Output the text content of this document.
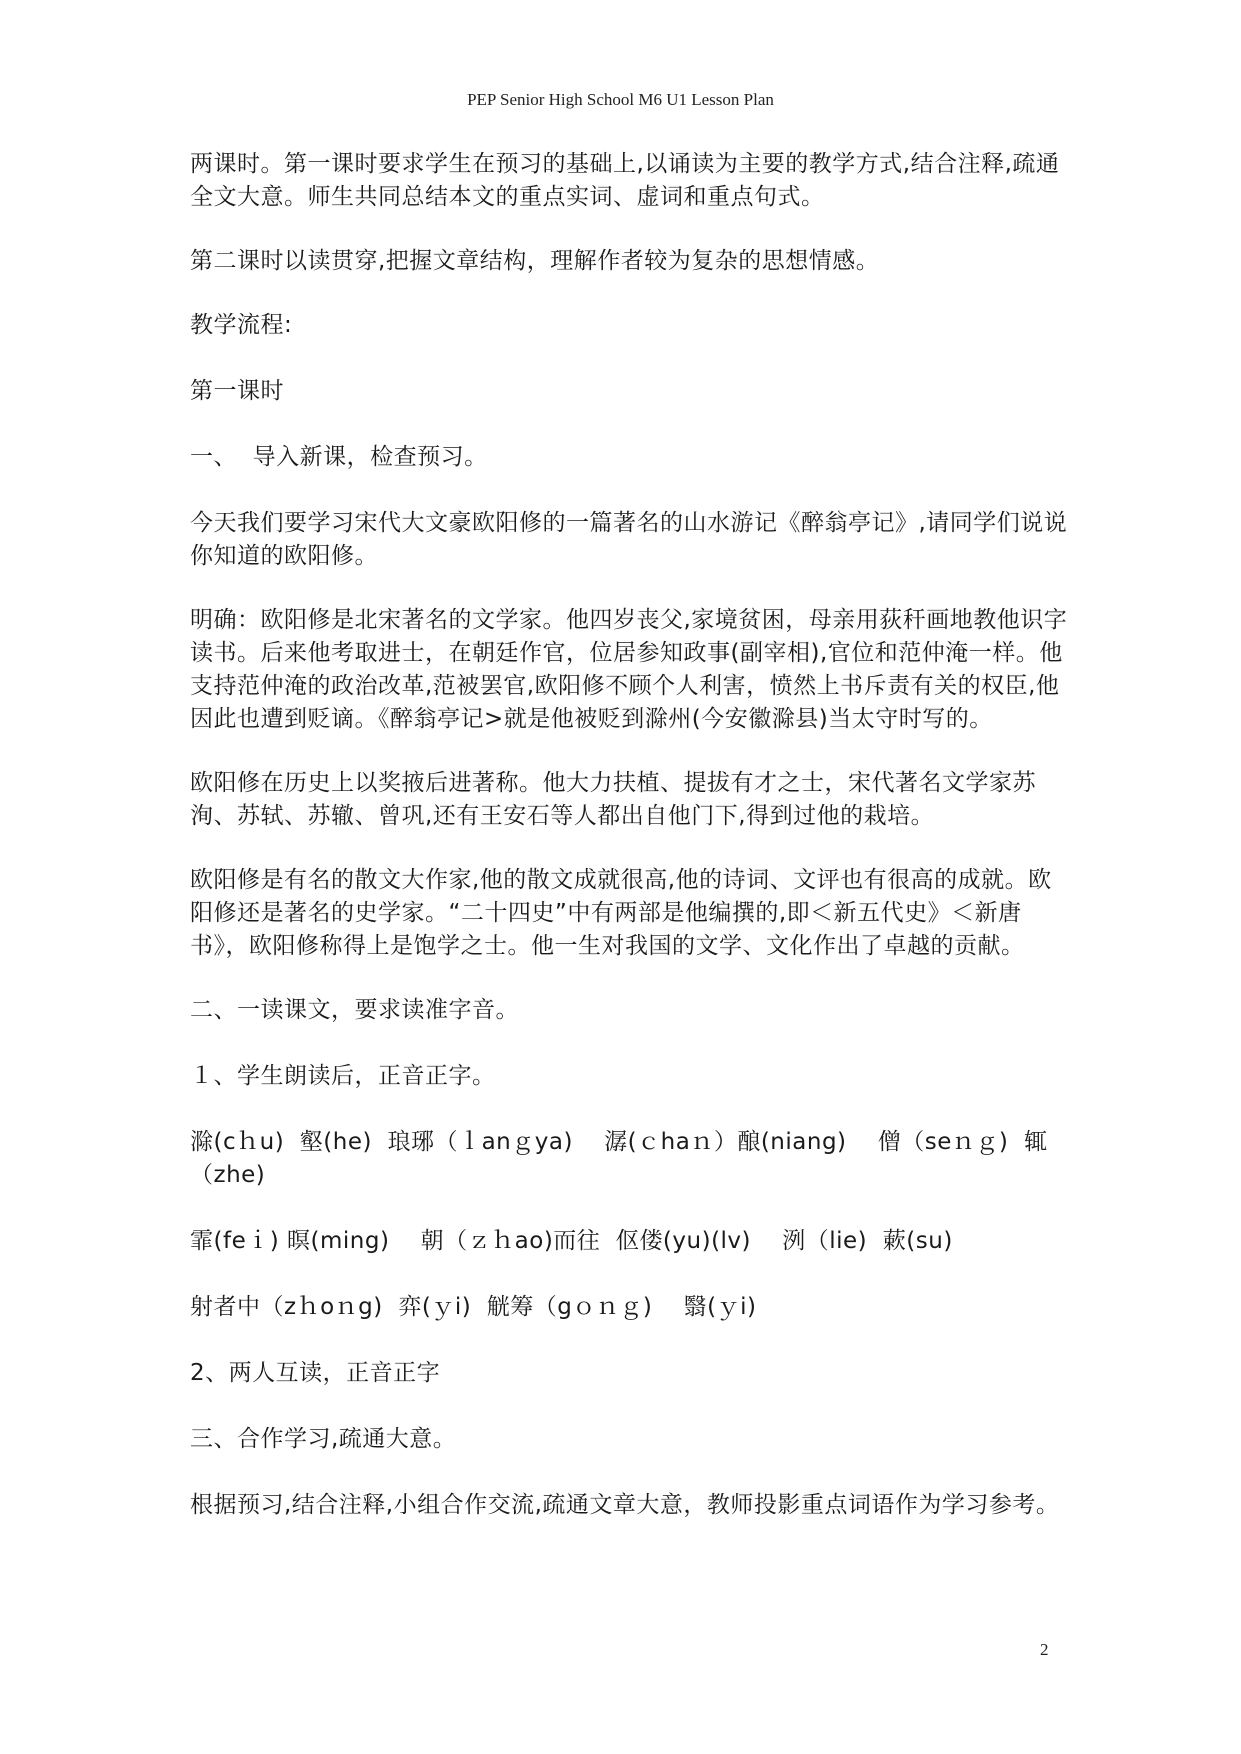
PEP Senior High School M6 U1 Lesson Plan

两课时。第一课时要求学生在预习的基础上,以诵读为主要的教学方式,结合注释,疏通全文大意。师生共同总结本文的重点实词、虚词和重点句式。

第二课时以读贯穿,把握文章结构，理解作者较为复杂的思想情感。

教学流程:

第一课时

一、  导入新课，检查预习。

今天我们要学习宋代大文豪欧阳修的一篇著名的山水游记《醉翁亭记》,请同学们说说你知道的欧阳修。

明确：欧阳修是北宋著名的文学家。他四岁丧父,家境贫困，母亲用荻秆画地教他识字读书。后来他考取进士，在朝廷作官，位居参知政事(副宰相),官位和范仲淹一样。他支持范仲淹的政治改革,范被罢官,欧阳修不顾个人利害，愤然上书斥责有关的权臣,他因此也遭到贬谪。《醉翁亭记>就是他被贬到滁州(今安徽滁县)当太守时写的。

欧阳修在历史上以奖掖后进著称。他大力扶植、提拔有才之士，宋代著名文学家苏洵、苏轼、苏辙、曾巩,还有王安石等人都出自他门下,得到过他的栽培。

欧阳修是有名的散文大作家,他的散文成就很高,他的诗词、文评也有很高的成就。欧阳修还是著名的史学家。“二十四史”中有两部是他编撰的,即＜新五代史》＜新唐书》，欧阳修称得上是饱学之士。他一生对我国的文学、文化作出了卓越的贡献。

二、一读课文，要求读准字音。

１、学生朗读后，正音正字。

滁(cｈu)  壑(he)  琅琊（ｌanｇya)    潺(ｃhaｎ）酿(niang)    僧（seｎｇ)  辄（zhe)

霏(feｉ) 暝(ming)    朝（ｚｈao)而往  伛偻(yu)(lv)    洌（lie)  蔌(su)

射者中（zｈoｎg)  弈(ｙi)  觥筹（gｏｎｇ)    翳(ｙi)

2、两人互读，正音正字

三、合作学习,疏通大意。

根据预习,结合注释,小组合作交流,疏通文章大意，教师投影重点词语作为学习参考。

2
